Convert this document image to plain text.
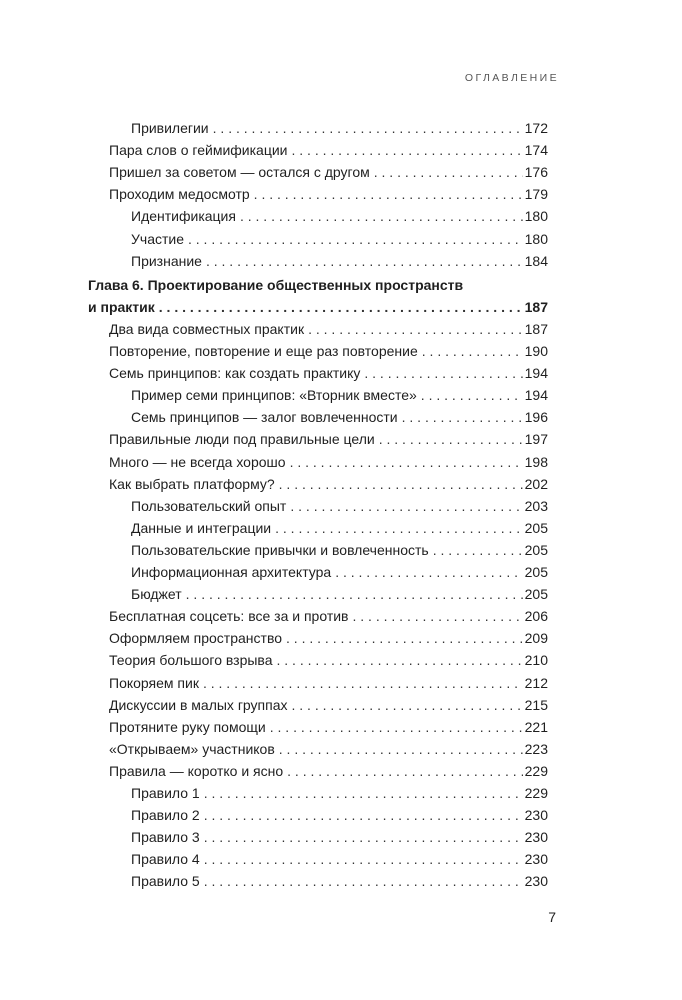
ОГЛАВЛЕНИЕ
Привилегии . . .	172
Пара слов о геймификации . . .	174
Пришел за советом — остался с другом . . .	176
Проходим медосмотр . . .	179
Идентификация . . .	180
Участие . . .	180
Признание . . .	184
Глава 6. Проектирование общественных пространств
и практик . . .	187
Два вида совместных практик . . .	187
Повторение, повторение и еще раз повторение . . .	190
Семь принципов: как создать практику . . .	194
Пример семи принципов: «Вторник вместе» . . .	194
Семь принципов — залог вовлеченности . . .	196
Правильные люди под правильные цели . . .	197
Много — не всегда хорошо . . .	198
Как выбрать платформу? . . .	202
Пользовательский опыт . . .	203
Данные и интеграции . . .	205
Пользовательские привычки и вовлеченность . . .	205
Информационная архитектура . . .	205
Бюджет . . .	205
Бесплатная соцсеть: все за и против . . .	206
Оформляем пространство . . .	209
Теория большого взрыва . . .	210
Покоряем пик . . .	212
Дискуссии в малых группах . . .	215
Протяните руку помощи . . .	221
«Открываем» участников . . .	223
Правила — коротко и ясно . . .	229
Правило 1 . . .	229
Правило 2 . . .	230
Правило 3 . . .	230
Правило 4 . . .	230
Правило 5 . . .	230
7
